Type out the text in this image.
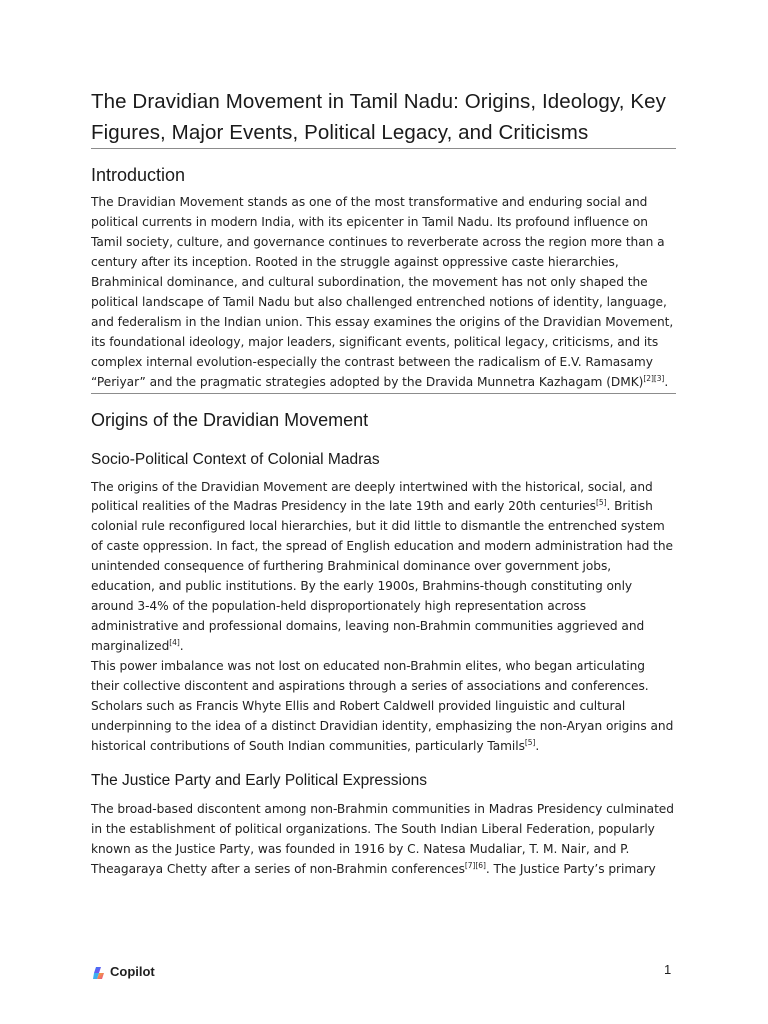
The Dravidian Movement in Tamil Nadu: Origins, Ideology, Key Figures, Major Events, Political Legacy, and Criticisms
Introduction

The Dravidian Movement stands as one of the most transformative and enduring social and political currents in modern India, with its epicenter in Tamil Nadu. Its profound influence on Tamil society, culture, and governance continues to reverberate across the region more than a century after its inception. Rooted in the struggle against oppressive caste hierarchies, Brahminical dominance, and cultural subordination, the movement has not only shaped the political landscape of Tamil Nadu but also challenged entrenched notions of identity, language, and federalism in the Indian union. This essay examines the origins of the Dravidian Movement, its foundational ideology, major leaders, significant events, political legacy, criticisms, and its complex internal evolution-especially the contrast between the radicalism of E.V. Ramasamy “Periyar” and the pragmatic strategies adopted by the Dravida Munnetra Kazhagam (DMK)[2][3].

Origins of the Dravidian Movement
Socio-Political Context of Colonial Madras

The origins of the Dravidian Movement are deeply intertwined with the historical, social, and political realities of the Madras Presidency in the late 19th and early 20th centuries[5]. British colonial rule reconfigured local hierarchies, but it did little to dismantle the entrenched system of caste oppression. In fact, the spread of English education and modern administration had the unintended consequence of furthering Brahminical dominance over government jobs, education, and public institutions. By the early 1900s, Brahmins-though constituting only around 3-4% of the population-held disproportionately high representation across administrative and professional domains, leaving non-Brahmin communities aggrieved and marginalized[4].

This power imbalance was not lost on educated non-Brahmin elites, who began articulating their collective discontent and aspirations through a series of associations and conferences. Scholars such as Francis Whyte Ellis and Robert Caldwell provided linguistic and cultural underpinning to the idea of a distinct Dravidian identity, emphasizing the non-Aryan origins and historical contributions of South Indian communities, particularly Tamils[5].

The Justice Party and Early Political Expressions

The broad-based discontent among non-Brahmin communities in Madras Presidency culminated in the establishment of political organizations. The South Indian Liberal Federation, popularly known as the Justice Party, was founded in 1916 by C. Natesa Mudaliar, T. M. Nair, and P. Theagaraya Chetty after a series of non-Brahmin conferences[7][6]. The Justice Party’s primary

Copilot	1
